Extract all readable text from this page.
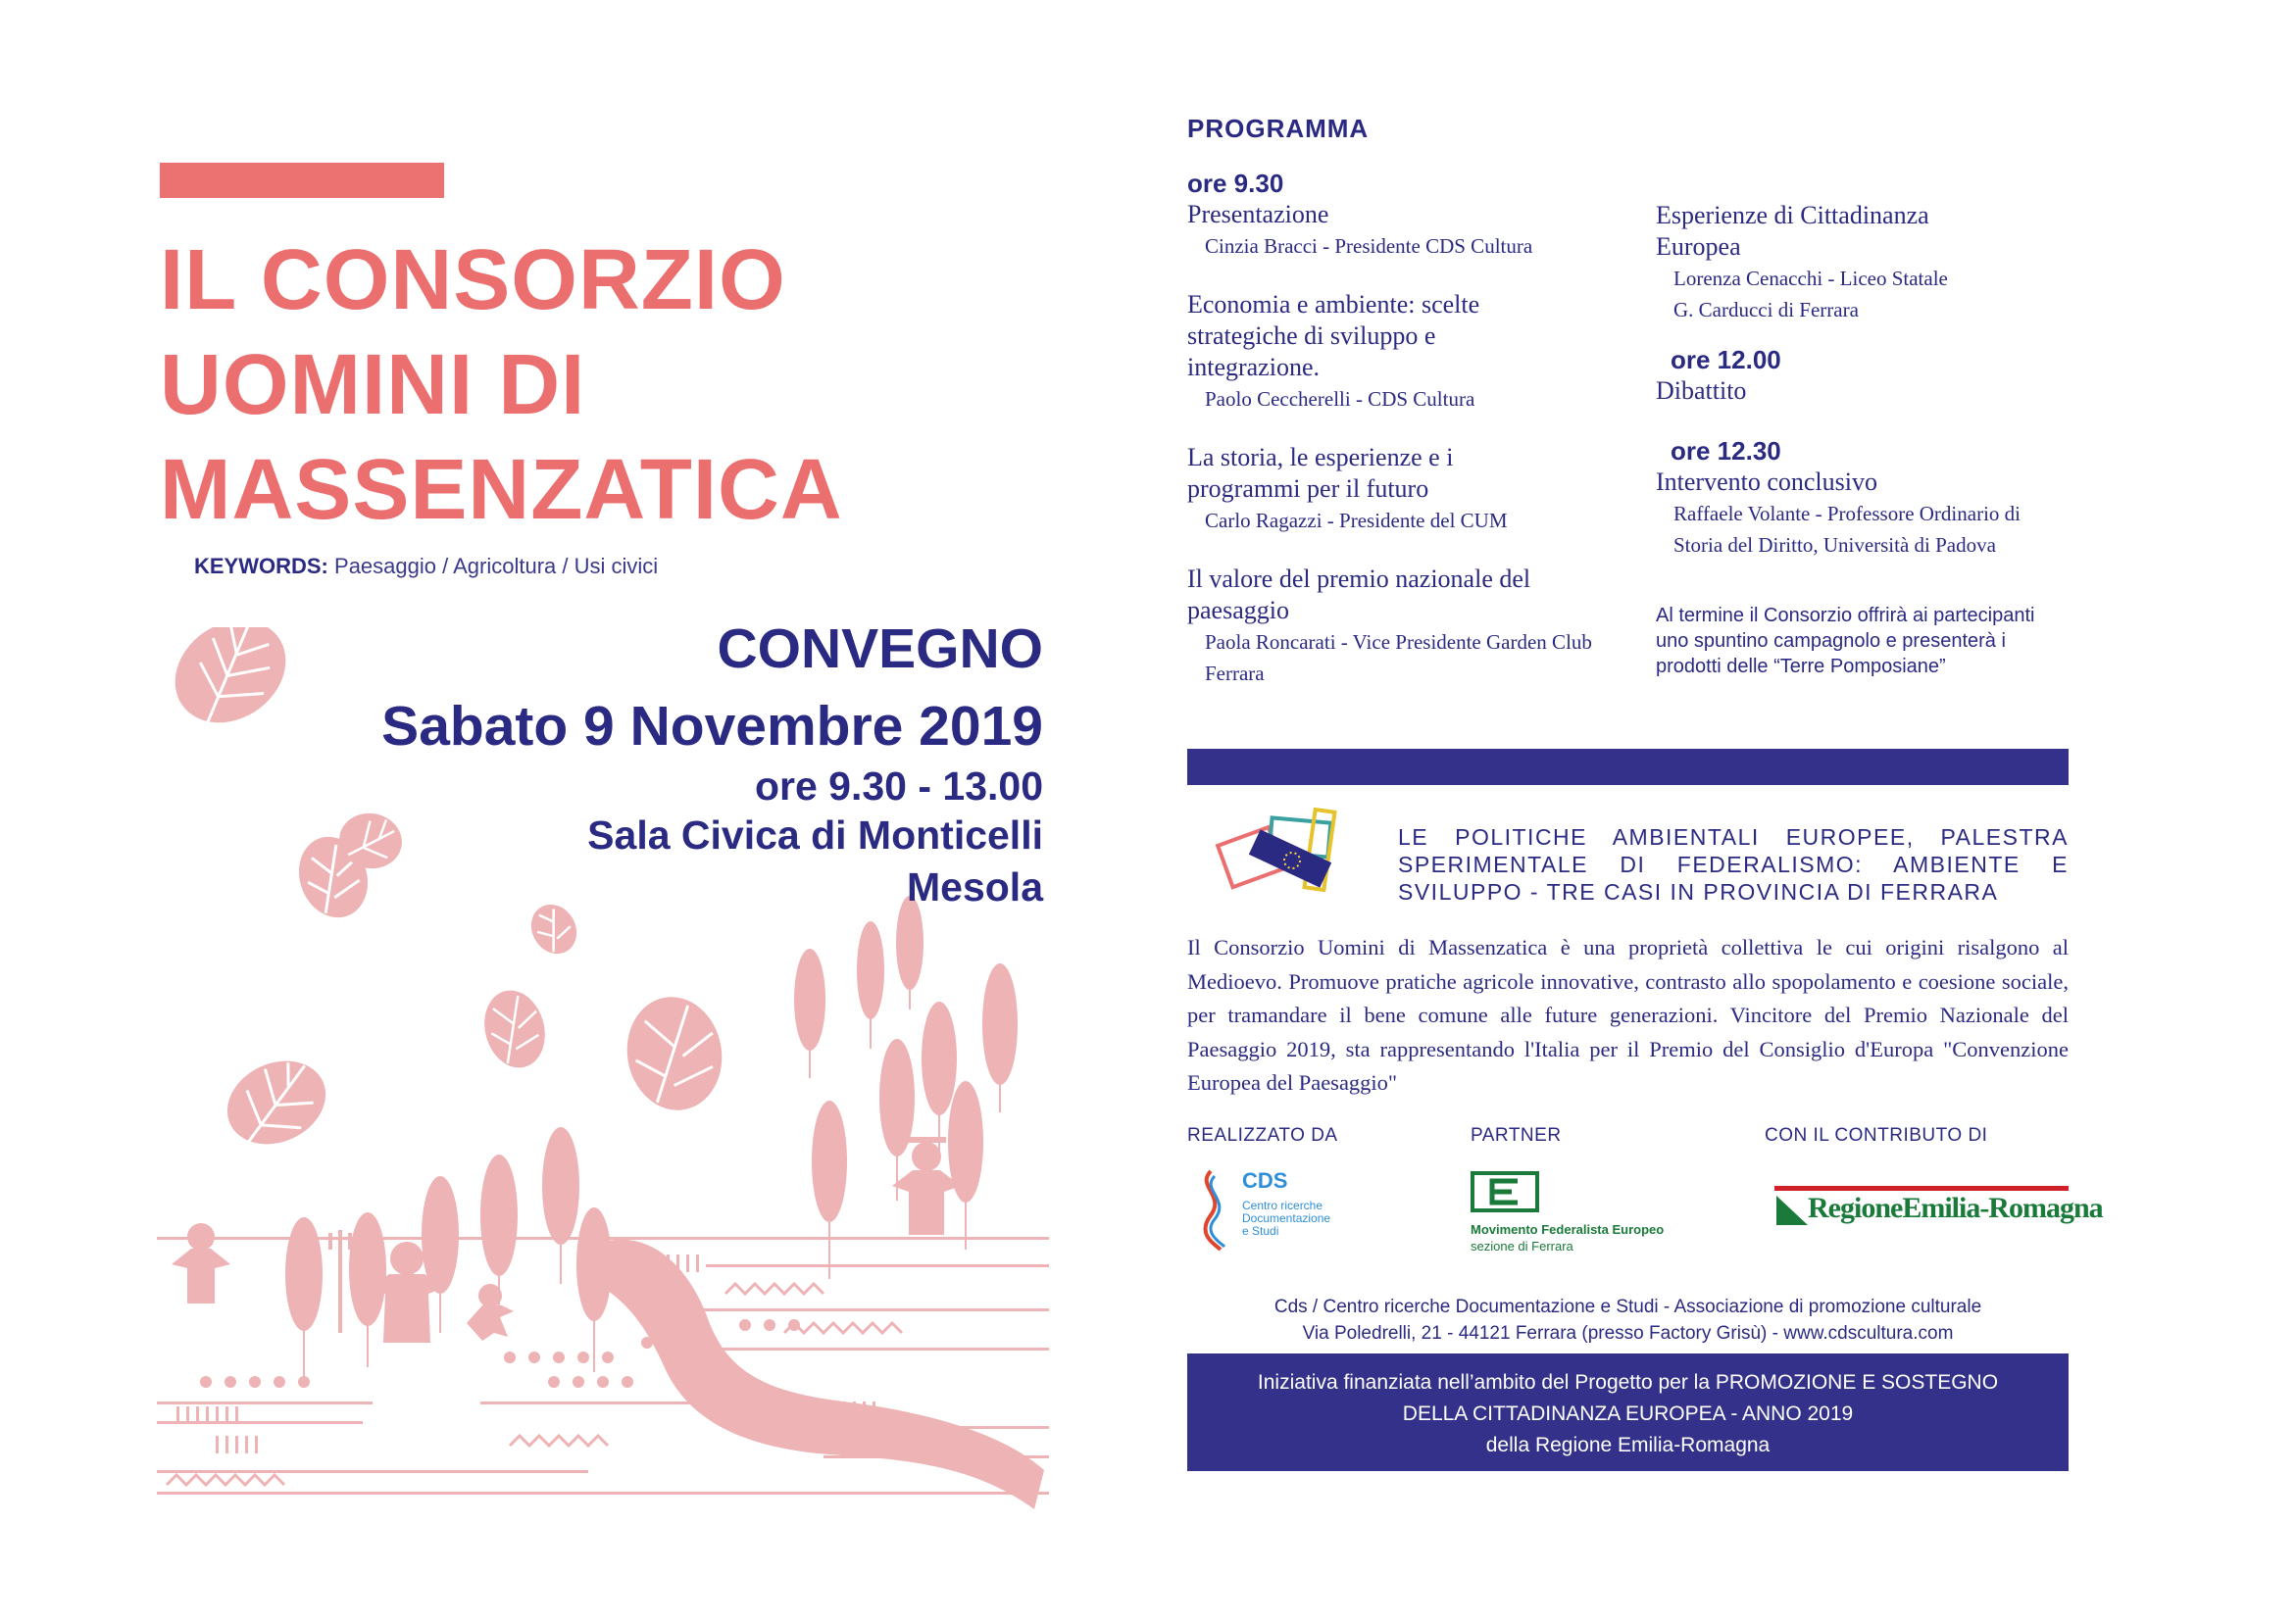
IL CONSORZIO
UOMINI DI
MASSENZATICA
KEYWORDS: Paesaggio / Agricoltura / Usi civici
CONVEGNO
Sabato 9 Novembre 2019
ore 9.30 - 13.00
Sala Civica di Monticelli
Mesola
PROGRAMMA
ore 9.30
Presentazione
Cinzia Bracci - Presidente CDS Cultura
Economia e ambiente: scelte strategiche di sviluppo e integrazione.
Paolo Ceccherelli - CDS Cultura
La storia, le esperienze e i programmi per il futuro
Carlo Ragazzi - Presidente del CUM
Il valore del premio nazionale del paesaggio
Paola Roncarati - Vice Presidente Garden Club Ferrara
Esperienze di Cittadinanza Europea
Lorenza Cenacchi - Liceo Statale
G. Carducci di Ferrara
ore 12.00
Dibattito
ore 12.30
Intervento conclusivo
Raffaele Volante - Professore Ordinario di
Storia del Diritto, Università di Padova
Al termine il Consorzio offrirà ai partecipanti uno spuntino campagnolo e presenterà i prodotti delle “Terre Pomposiane”
LE POLITICHE AMBIENTALI EUROPEE, PALESTRA
SPERIMENTALE DI FEDERALISMO: AMBIENTE E
SVILUPPO - TRE CASI IN PROVINCIA DI FERRARA
Il Consorzio Uomini di Massenzatica è una proprietà collettiva le cui origini risalgono al Medioevo. Promuove pratiche agricole innovative, contrasto allo spopolamento e coesione sociale, per tramandare il bene comune alle future generazioni. Vincitore del Premio Nazionale del Paesaggio 2019, sta rappresentando l'Italia per il Premio del Consiglio d'Europa "Convenzione Europea del Paesaggio"
REALIZZATO DA	PARTNER	CON IL CONTRIBUTO DI
CDS
Centro ricerche
Documentazione
e Studi	Movimento Federalista Europeo
sezione di Ferrara
RegioneEmilia-Romagna
Cds / Centro ricerche Documentazione e Studi - Associazione di promozione culturale
Via Poledrelli, 21 - 44121 Ferrara (presso Factory Grisù) - www.cdscultura.com
Iniziativa finanziata nell’ambito del Progetto per la PROMOZIONE E SOSTEGNO
DELLA CITTADINANZA EUROPEA - ANNO 2019
della Regione Emilia-Romagna
